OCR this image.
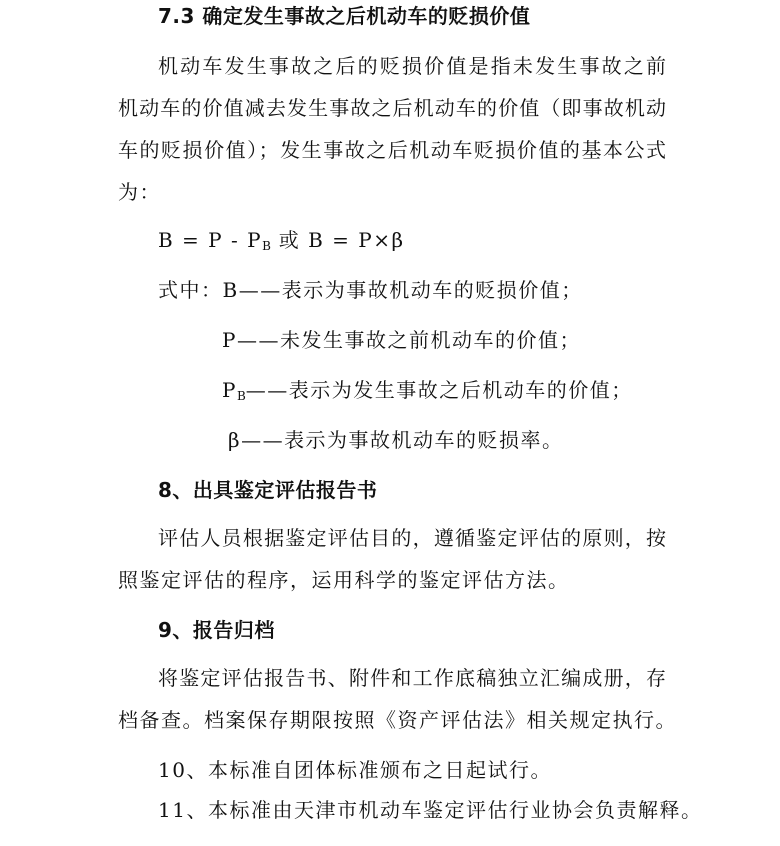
7.3 确定发生事故之后机动车的贬损价值
机动车发生事故之后的贬损价值是指未发生事故之前
机动车的价值减去发生事故之后机动车的价值（即事故机动
车的贬损价值）；发生事故之后机动车贬损价值的基本公式
为：
$B = P - P_B$ 或 B = P×β
式中：B——表示为事故机动车的贬损价值；
P——未发生事故之前机动车的价值；
$P_B——$表示为发生事故之后机动车的价值；
β——表示为事故机动车的贬损率。
8、出具鉴定评估报告书
评估人员根据鉴定评估目的，遵循鉴定评估的原则，按
照鉴定评估的程序，运用科学的鉴定评估方法。
9、报告归档
将鉴定评估报告书、附件和工作底稿独立汇编成册，存
档备查。档案保存期限按照《资产评估法》相关规定执行。
10、本标准自团体标准颁布之日起试行。
11、本标准由天津市机动车鉴定评估行业协会负责解释。
